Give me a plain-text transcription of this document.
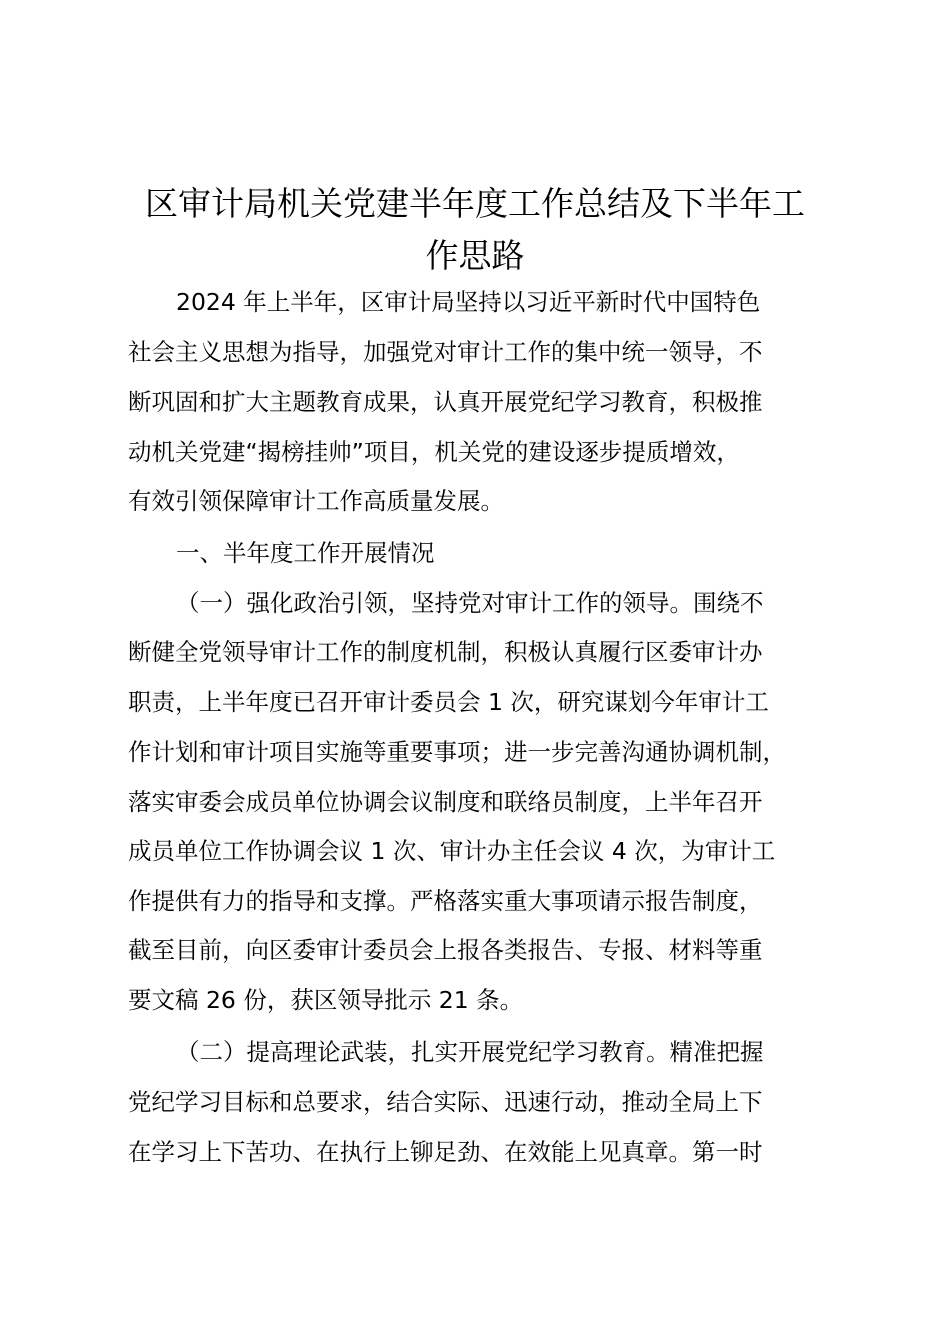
区审计局机关党建半年度工作总结及下半年工
作思路
2024 年上半年，区审计局坚持以习近平新时代中国特色
社会主义思想为指导，加强党对审计工作的集中统一领导，不
断巩固和扩大主题教育成果，认真开展党纪学习教育，积极推
动机关党建“揭榜挂帅”项目，机关党的建设逐步提质增效，
有效引领保障审计工作高质量发展。
一、半年度工作开展情况
（一）强化政治引领，坚持党对审计工作的领导。围绕不
断健全党领导审计工作的制度机制，积极认真履行区委审计办
职责，上半年度已召开审计委员会 1 次，研究谋划今年审计工
作计划和审计项目实施等重要事项；进一步完善沟通协调机制，
落实审委会成员单位协调会议制度和联络员制度，上半年召开
成员单位工作协调会议 1 次、审计办主任会议 4 次，为审计工
作提供有力的指导和支撑。严格落实重大事项请示报告制度，
截至目前，向区委审计委员会上报各类报告、专报、材料等重
要文稿 26 份，获区领导批示 21 条。
（二）提高理论武装，扎实开展党纪学习教育。精准把握
党纪学习目标和总要求，结合实际、迅速行动，推动全局上下
在学习上下苦功、在执行上铆足劲、在效能上见真章。第一时
